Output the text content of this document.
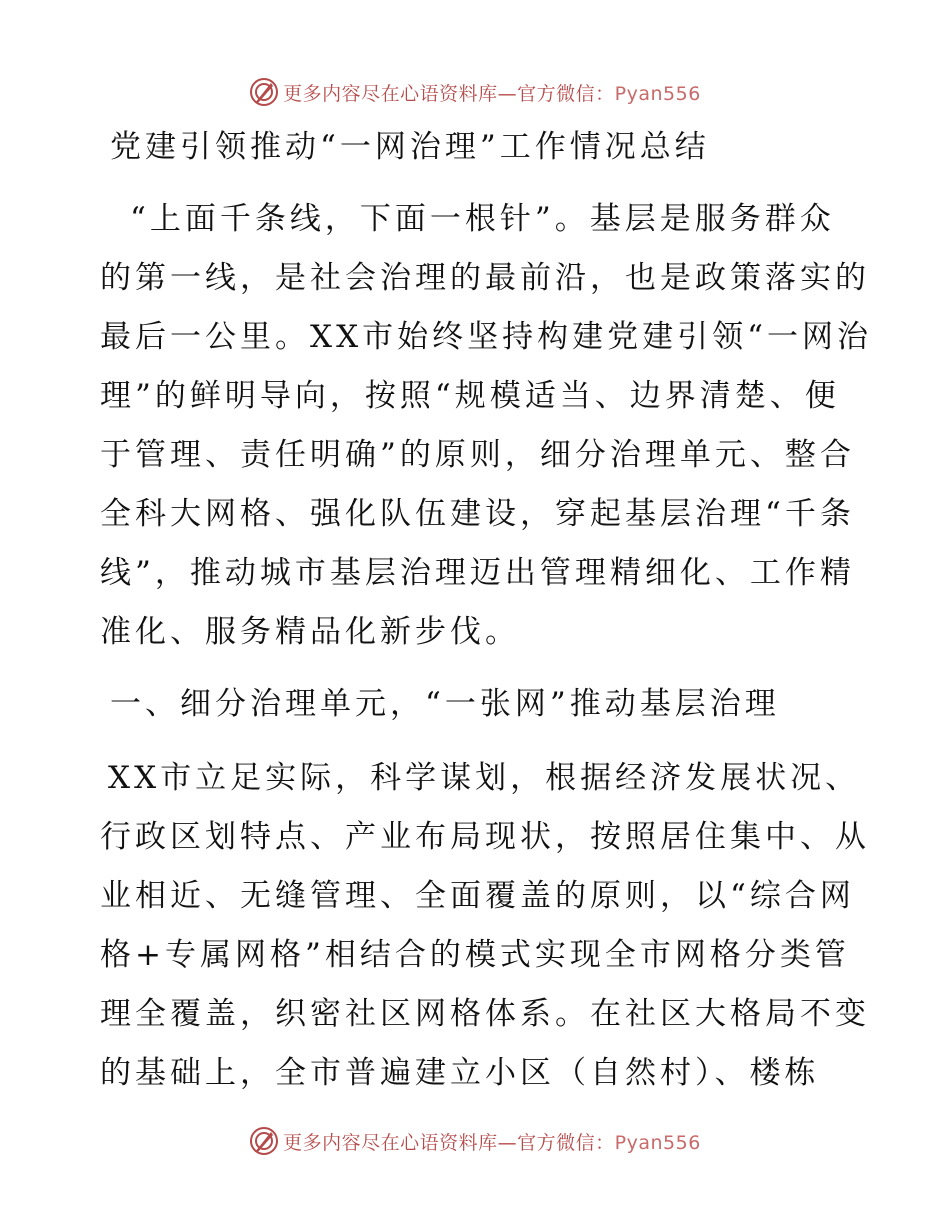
更多内容尽在心语资料库—官方微信：Pyan556
党建引领推动“一网治理”工作情况总结
“上面千条线，下面一根针”。基层是服务群众
的第一线，是社会治理的最前沿，也是政策落实的
最后一公里。XX市始终坚持构建党建引领“一网治
理”的鲜明导向，按照“规模适当、边界清楚、便
于管理、责任明确”的原则，细分治理单元、整合
全科大网格、强化队伍建设，穿起基层治理“千条
线”，推动城市基层治理迈出管理精细化、工作精
准化、服务精品化新步伐。
一、细分治理单元，“一张网”推动基层治理
XX市立足实际，科学谋划，根据经济发展状况、
行政区划特点、产业布局现状，按照居住集中、从
业相近、无缝管理、全面覆盖的原则，以“综合网
格+专属网格”相结合的模式实现全市网格分类管
理全覆盖，织密社区网格体系。在社区大格局不变
的基础上，全市普遍建立小区（自然村）、楼栋
更多内容尽在心语资料库—官方微信：Pyan556
